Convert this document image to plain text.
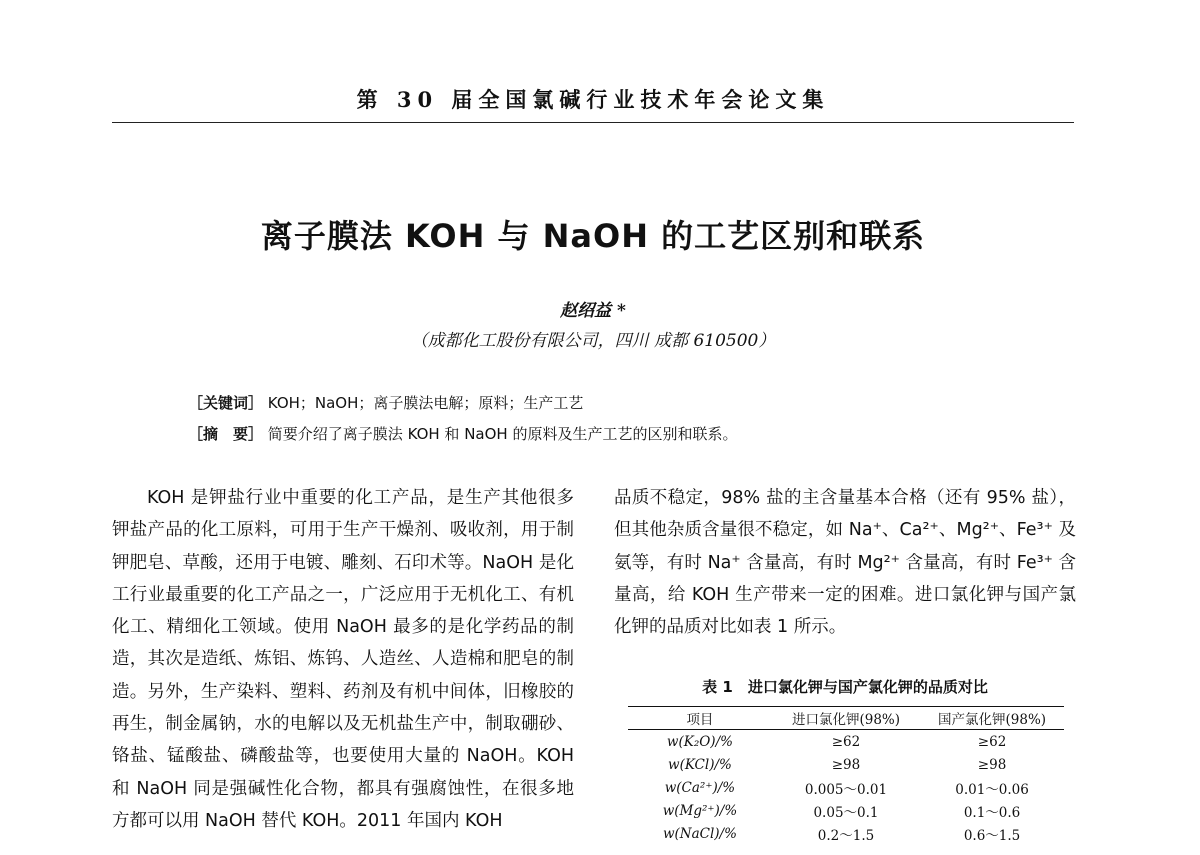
第 30 届全国氯碱行业技术年会论文集
离子膜法 KOH 与 NaOH 的工艺区别和联系
赵绍益 *
（成都化工股份有限公司，四川 成都 610500）
［关键词］ KOH；NaOH；离子膜法电解；原料；生产工艺
［摘　要］ 简要介绍了离子膜法 KOH 和 NaOH 的原料及生产工艺的区别和联系。
KOH 是钾盐行业中重要的化工产品，是生产其他很多钾盐产品的化工原料，可用于生产干燥剂、吸收剂，用于制钾肥皂、草酸，还用于电镀、雕刻、石印术等。NaOH 是化工行业最重要的化工产品之一，广泛应用于无机化工、有机化工、精细化工领域。使用 NaOH 最多的是化学药品的制造，其次是造纸、炼铝、炼钨、人造丝、人造棉和肥皂的制造。另外，生产染料、塑料、药剂及有机中间体，旧橡胶的再生，制金属钠，水的电解以及无机盐生产中，制取硼砂、铬盐、锰酸盐、磷酸盐等，也要使用大量的 NaOH。KOH 和 NaOH 同是强碱性化合物，都具有强腐蚀性，在很多地方都可以用 NaOH 替代 KOH。2011 年国内 KOH
品质不稳定，98% 盐的主含量基本合格（还有 95% 盐），但其他杂质含量很不稳定，如 Na⁺、Ca²⁺、Mg²⁺、Fe³⁺ 及氨等，有时 Na⁺ 含量高，有时 Mg²⁺ 含量高，有时 Fe³⁺ 含量高，给 KOH 生产带来一定的困难。进口氯化钾与国产氯化钾的品质对比如表 1 所示。
表 1　进口氯化钾与国产氯化钾的品质对比
项目	进口氯化钾(98%)	国产氯化钾(98%)
w(K₂O)/%	≥62	≥62
w(KCl)/%	≥98	≥98
w(Ca²⁺)/%	0.005～0.01	0.01～0.06
w(Mg²⁺)/%	0.05～0.1	0.1～0.6
w(NaCl)/%	0.2～1.5	0.6～1.5
